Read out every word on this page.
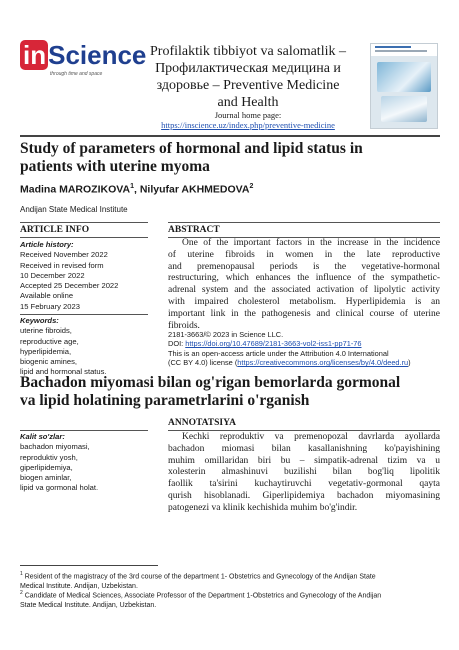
inScience
through time and space
Profilaktik tibbiyot va salomatlik –
Профилактическая медицина и
здоровье – Preventive Medicine
and Health
Journal home page:
https://inscience.uz/index.php/preventive-medicine
Study of parameters of hormonal and lipid status in
patients with uterine myoma
Madina MAROZIKOVA$^1$, Nilyufar AKHMEDOVA$^2$
Andijan State Medical Institute
ARTICLE INFO
Article history:
Received November 2022
Received in revised form
10 December 2022
Accepted 25 December 2022
Available online
15 February 2023
Keywords:
uterine fibroids,
reproductive age,
hyperlipidemia,
biogenic amines,
lipid and hormonal status.
ABSTRACT
One of the important factors in the increase in the incidence
of uterine fibroids in women in the late reproductive
and premenopausal periods is the vegetative-hormonal
restructuring, which enhances the influence of the sympathetic-
adrenal system and the associated activation of lipolytic activity
with impaired cholesterol metabolism. Hyperlipidemia is an
important link in the pathogenesis and clinical course of uterine
fibroids.
2181-3663/© 2023 in Science LLC.
DOI: https://doi.org/10.47689/2181-3663-vol2-iss1-pp71-76
This is an open-access article under the Attribution 4.0 International
(CC BY 4.0) license (https://creativecommons.org/licenses/by/4.0/deed.ru)
Bachadon miyomasi bilan og'rigan bemorlarda gormonal
va lipid holatining parametrlarini o'rganish
Kalit so'zlar:
bachadon miyomasi,
reproduktiv yosh,
giperlipidemiya,
biogen aminlar,
lipid va gormonal holat.
ANNOTATSIYA
Kechki reproduktiv va premenopozal davrlarda ayollarda
bachadon miomasi bilan kasallanishning ko'payishining
muhim omillaridan biri bu – simpatik-adrenal tizim va u
xolesterin almashinuvi buzilishi bilan bog'liq lipolitik
faollik ta'sirini kuchaytiruvchi vegetativ-gormonal qayta
qurish hisoblanadi. Giperlipidemiya bachadon miyomasining
patogenezi va klinik kechishida muhim bo'g'indir.
$^1$ Resident of the magistracy of the 3rd course of the department 1- Obstetrics and Gynecology of the Andijan State
Medical Institute. Andijan, Uzbekistan.
$^2$ Candidate of Medical Sciences, Associate Professor of the Department 1-Obstetrics and Gynecology of the Andijan
State Medical Institute. Andijan, Uzbekistan.
